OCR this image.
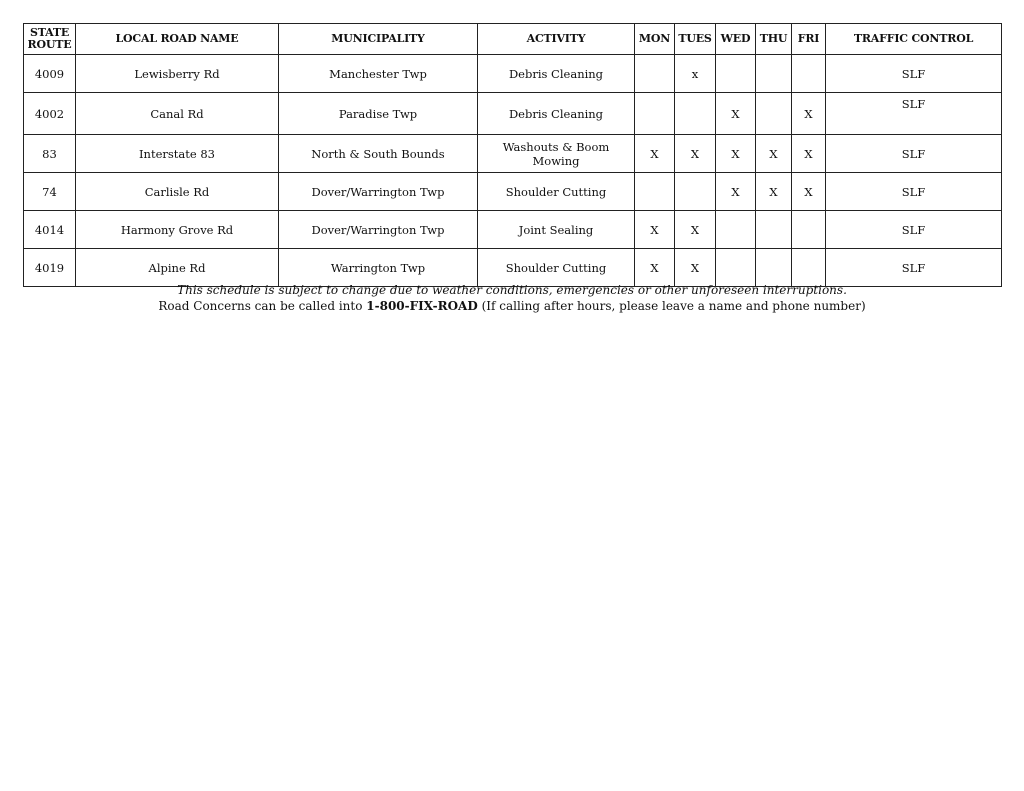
STATE ROUTE	LOCAL ROAD NAME	MUNICIPALITY	ACTIVITY	MON	TUES	WED	THU	FRI	TRAFFIC CONTROL
4009	Lewisberry Rd	Manchester Twp	Debris Cleaning		x				SLF
4002	Canal Rd	Paradise Twp	Debris Cleaning			X		X	SLF
83	Interstate 83	North & South Bounds	Washouts & Boom Mowing	X	X	X	X	X	SLF
74	Carlisle Rd	Dover/Warrington Twp	Shoulder Cutting			X	X	X	SLF
4014	Harmony Grove Rd	Dover/Warrington Twp	Joint Sealing	X	X				SLF
4019	Alpine Rd	Warrington Twp	Shoulder Cutting	X	X				SLF
This schedule is subject to change due to weather conditions, emergencies or other unforeseen interruptions.
Road Concerns can be called into 1-800-FIX-ROAD (If calling after hours, please leave a name and phone number)
